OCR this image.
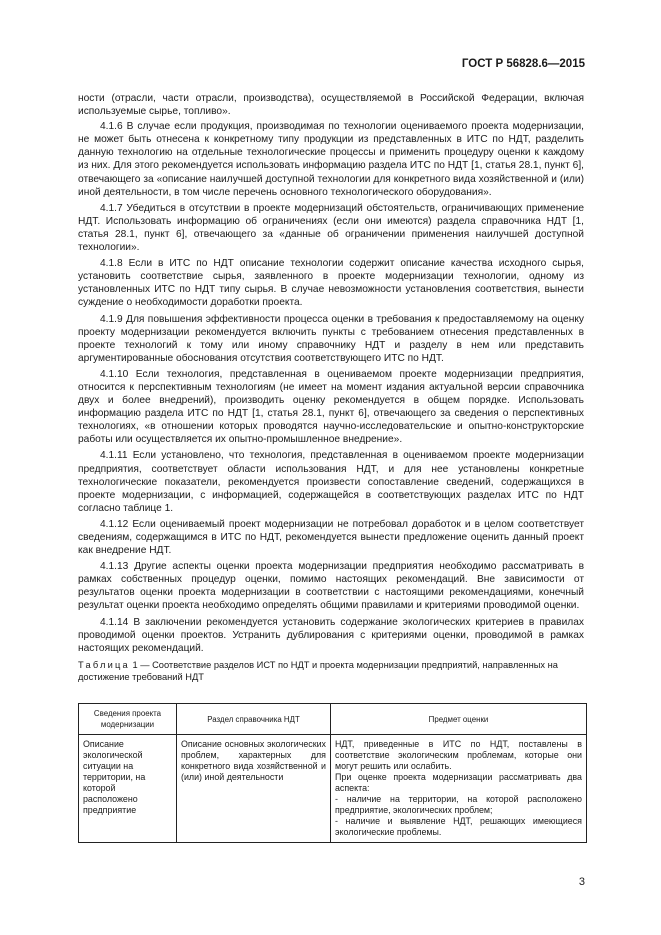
ГОСТ Р 56828.6—2015

ности (отрасли, части отрасли, производства), осуществляемой в Российской Федерации, включая используемые сырье, топливо».

4.1.6 В случае если продукция, производимая по технологии оцениваемого проекта модернизации, не может быть отнесена к конкретному типу продукции из представленных в ИТС по НДТ, разделить данную технологию на отдельные технологические процессы и применить процедуру оценки к каждому из них. Для этого рекомендуется использовать информацию раздела ИТС по НДТ [1, статья 28.1, пункт 6], отвечающего за «описание наилучшей доступной технологии для конкретного вида хозяйственной и (или) иной деятельности, в том числе перечень основного технологического оборудования».

4.1.7 Убедиться в отсутствии в проекте модернизаций обстоятельств, ограничивающих применение НДТ. Использовать информацию об ограничениях (если они имеются) раздела справочника НДТ [1, статья 28.1, пункт 6], отвечающего за «данные об ограничении применения наилучшей доступной технологии».

4.1.8 Если в ИТС по НДТ описание технологии содержит описание качества исходного сырья, установить соответствие сырья, заявленного в проекте модернизации технологии, одному из установленных ИТС по НДТ типу сырья. В случае невозможности установления соответствия, вынести суждение о необходимости доработки проекта.

4.1.9 Для повышения эффективности процесса оценки в требования к предоставляемому на оценку проекту модернизации рекомендуется включить пункты с требованием отнесения представленных в проекте технологий к тому или иному справочнику НДТ и разделу в нем или представить аргументированные обоснования отсутствия соответствующего ИТС по НДТ.

4.1.10 Если технология, представленная в оцениваемом проекте модернизации предприятия, относится к перспективным технологиям (не имеет на момент издания актуальной версии справочника двух и более внедрений), производить оценку рекомендуется в общем порядке. Использовать информацию раздела ИТС по НДТ [1, статья 28.1, пункт 6], отвечающего за сведения о перспективных технологиях, «в отношении которых проводятся научно-исследовательские и опытно-конструкторские работы или осуществляется их опытно-промышленное внедрение».

4.1.11 Если установлено, что технология, представленная в оцениваемом проекте модернизации предприятия, соответствует области использования НДТ, и для нее установлены конкретные технологические показатели, рекомендуется произвести сопоставление сведений, содержащихся в проекте модернизации, с информацией, содержащейся в соответствующих разделах ИТС по НДТ согласно таблице 1.

4.1.12 Если оцениваемый проект модернизации не потребовал доработок и в целом соответствует сведениям, содержащимся в ИТС по НДТ, рекомендуется вынести предложение оценить данный проект как внедрение НДТ.

4.1.13 Другие аспекты оценки проекта модернизации предприятия необходимо рассматривать в рамках собственных процедур оценки, помимо настоящих рекомендаций. Вне зависимости от результатов оценки проекта модернизации в соответствии с настоящими рекомендациями, конечный результат оценки проекта необходимо определять общими правилами и критериями проводимой оценки.

4.1.14 В заключении рекомендуется установить содержание экологических критериев в правилах проводимой оценки проектов. Устранить дублирования с критериями оценки, проводимой в рамках настоящих рекомендаций.

Таблица 1 — Соответствие разделов ИСТ по НДТ и проекта модернизации предприятий, направленных на достижение требований НДТ
Сведения проекта модернизации	Раздел справочника НДТ	Предмет оценки
Описание экологической ситуации на территории, на которой расположено предприятие	Описание основных экологических проблем, характерных для конкретного вида хозяйственной и (или) иной деятельности	НДТ, приведенные в ИТС по НДТ, поставлены в соответствие экологическим проблемам, которые они могут решить или ослабить.

При оценке проекта модернизации рассматривать два аспекта:

- наличие на территории, на которой расположено предприятие, экологических проблем;

- наличие и выявление НДТ, решающих имеющиеся экологические проблемы.

3
